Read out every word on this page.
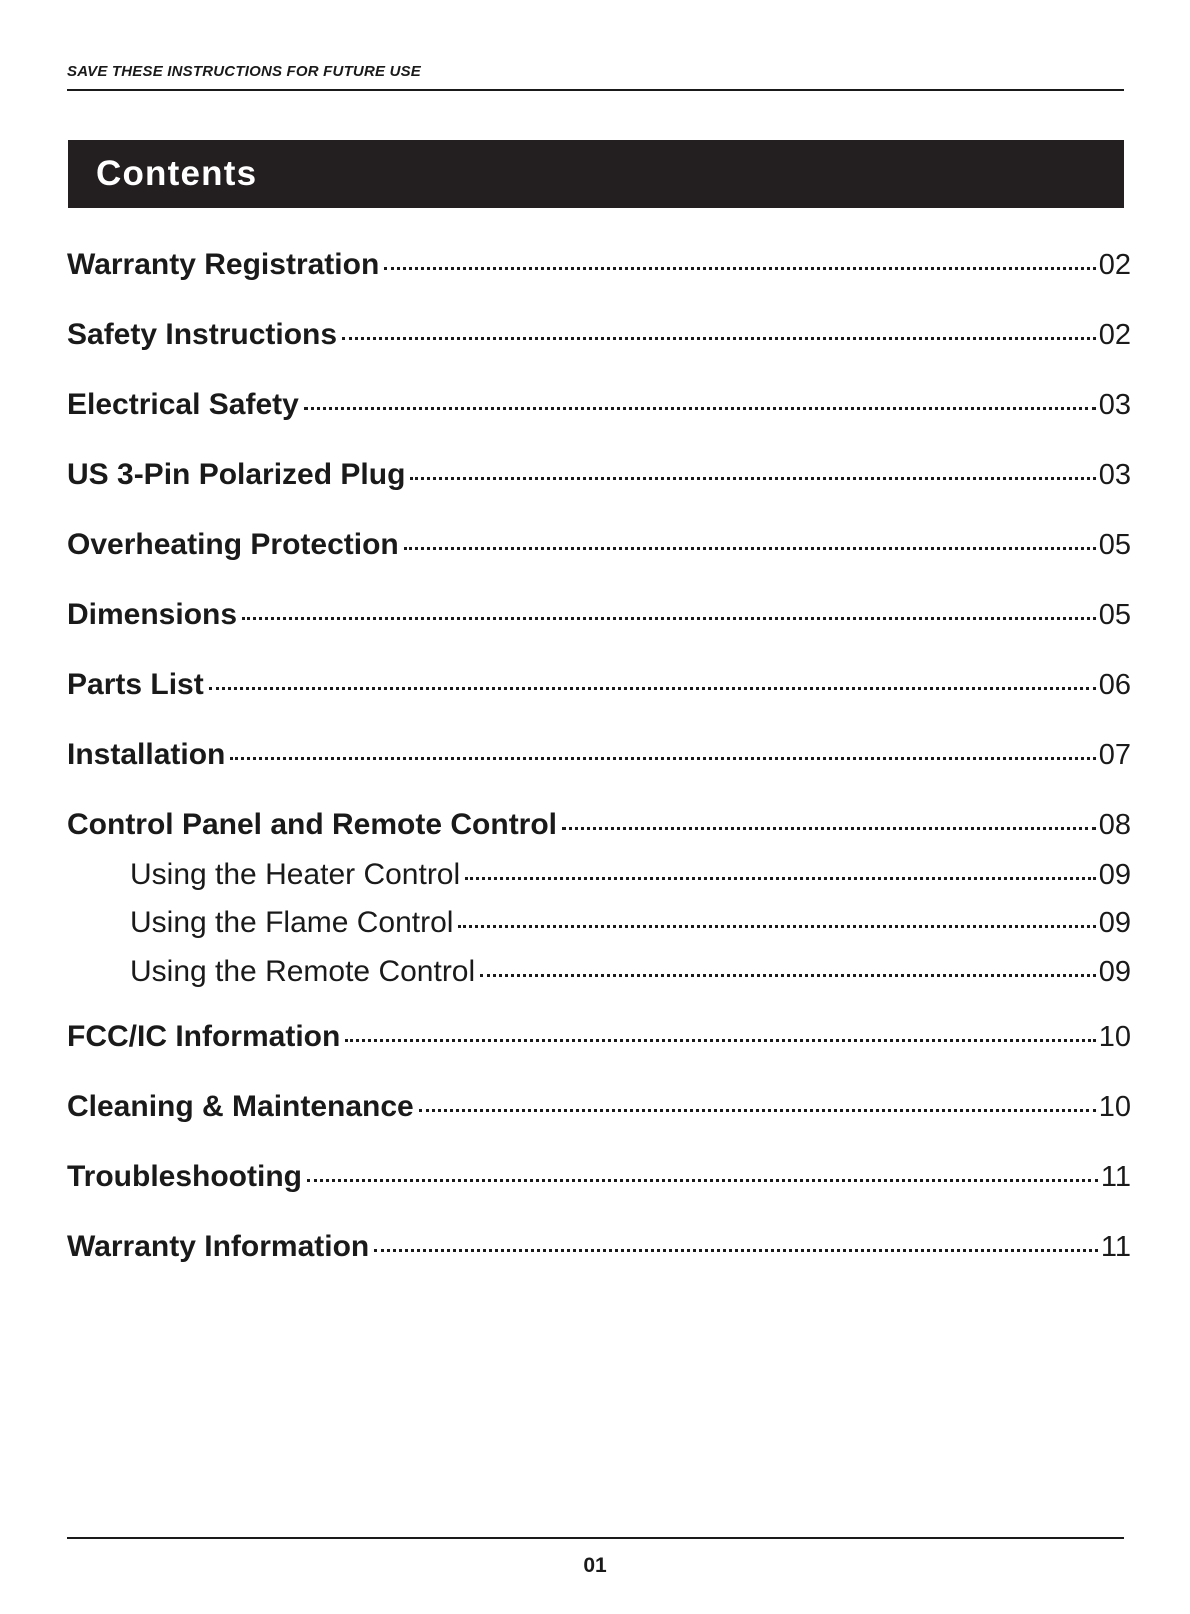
SAVE THESE INSTRUCTIONS FOR FUTURE USE
Contents
Warranty Registration	02
Safety Instructions	02
Electrical Safety	03
US 3-Pin Polarized Plug	03
Overheating Protection	05
Dimensions	05
Parts List	06
Installation	07
Control Panel and Remote Control	08
Using the Heater Control	09
Using the Flame Control	09
Using the Remote Control	09
FCC/IC Information	10
Cleaning & Maintenance	10
Troubleshooting	11
Warranty Information	11
01
